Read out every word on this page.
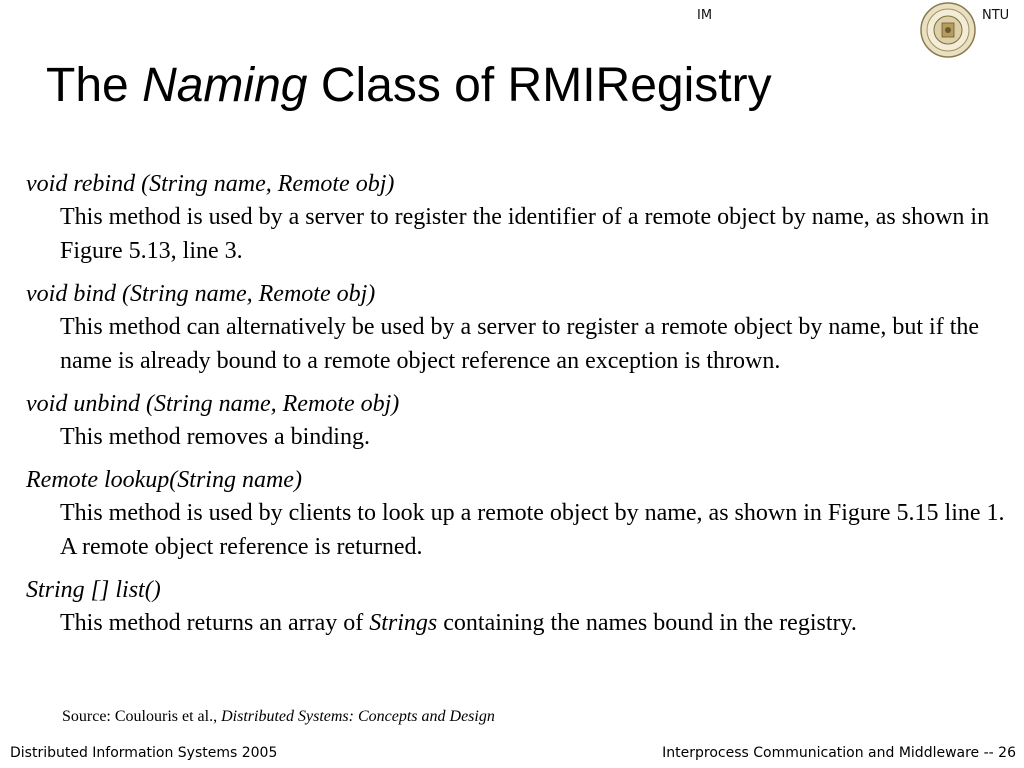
IM	NTU
The Naming Class of RMIRegistry
void rebind (String name, Remote obj)
This method is used by a server to register the identifier of a remote object by name, as shown in Figure 5.13, line 3.
void bind (String name, Remote obj)
This method can alternatively be used by a server to register a remote object by name, but if the name is already bound to a remote object reference an exception is thrown.
void unbind (String name, Remote obj)
This method removes a binding.
Remote lookup(String name)
This method is used by clients to look up a remote object by name, as shown in Figure 5.15 line 1. A remote object reference is returned.
String [] list()
This method returns an array of Strings containing the names bound in the registry.
Source: Coulouris et al., Distributed Systems: Concepts and Design
Distributed Information Systems 2005	Interprocess Communication and Middleware -- 26
